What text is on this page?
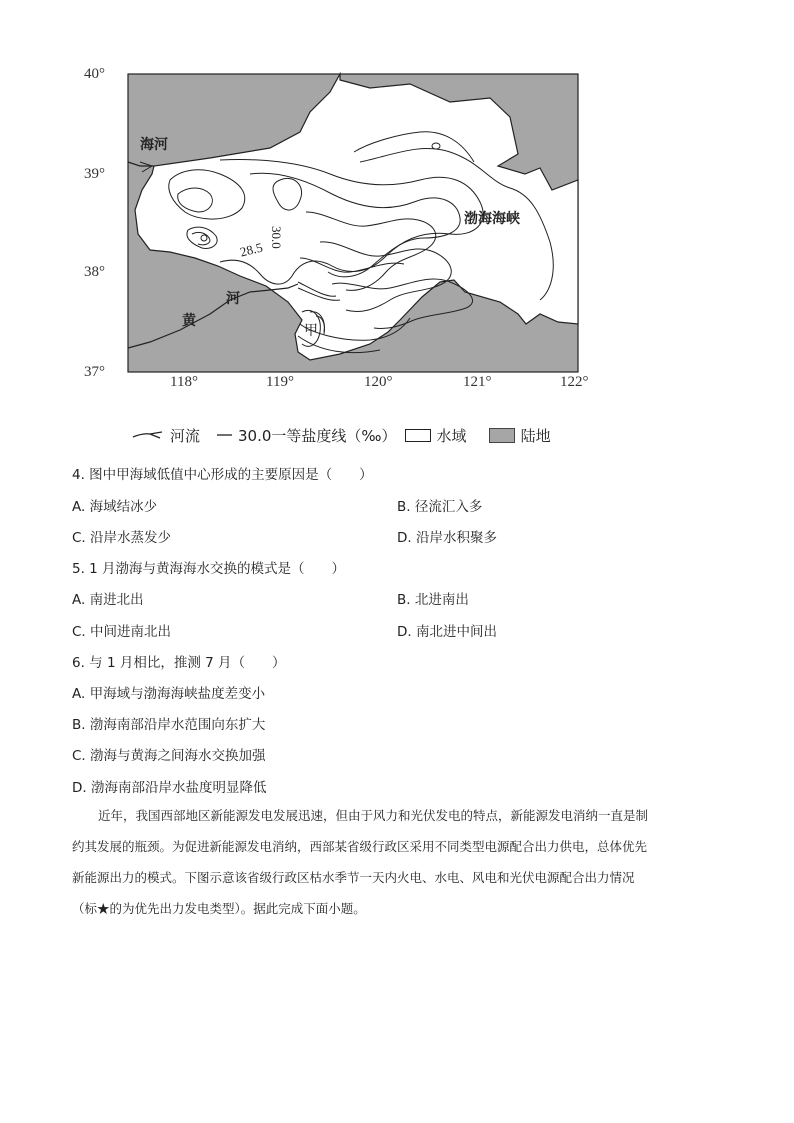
40°
39°
38°
37°
118°	119°	120°	121°	122°
海河
渤海海峡
黄
河
甲
30.0
28.5
河流	30.0一等盐度线（‰）	水域	陆地
4. 图中甲海域低值中心形成的主要原因是（　　）
A. 海域结冰少	B. 径流汇入多
C. 沿岸水蒸发少	D. 沿岸水积聚多
5. 1 月渤海与黄海海水交换的模式是（　　）
A. 南进北出	B. 北进南出
C. 中间进南北出	D. 南北进中间出
6. 与 1 月相比，推测 7 月（　　）
A. 甲海域与渤海海峡盐度差变小
B. 渤海南部沿岸水范围向东扩大
C. 渤海与黄海之间海水交换加强
D. 渤海南部沿岸水盐度明显降低

近年，我国西部地区新能源发电发展迅速，但由于风力和光伏发电的特点，新能源发电消纳一直是制

约其发展的瓶颈。为促进新能源发电消纳，西部某省级行政区采用不同类型电源配合出力供电，总体优先

新能源出力的模式。下图示意该省级行政区枯水季节一天内火电、水电、风电和光伏电源配合出力情况

（标★的为优先出力发电类型）。据此完成下面小题。
